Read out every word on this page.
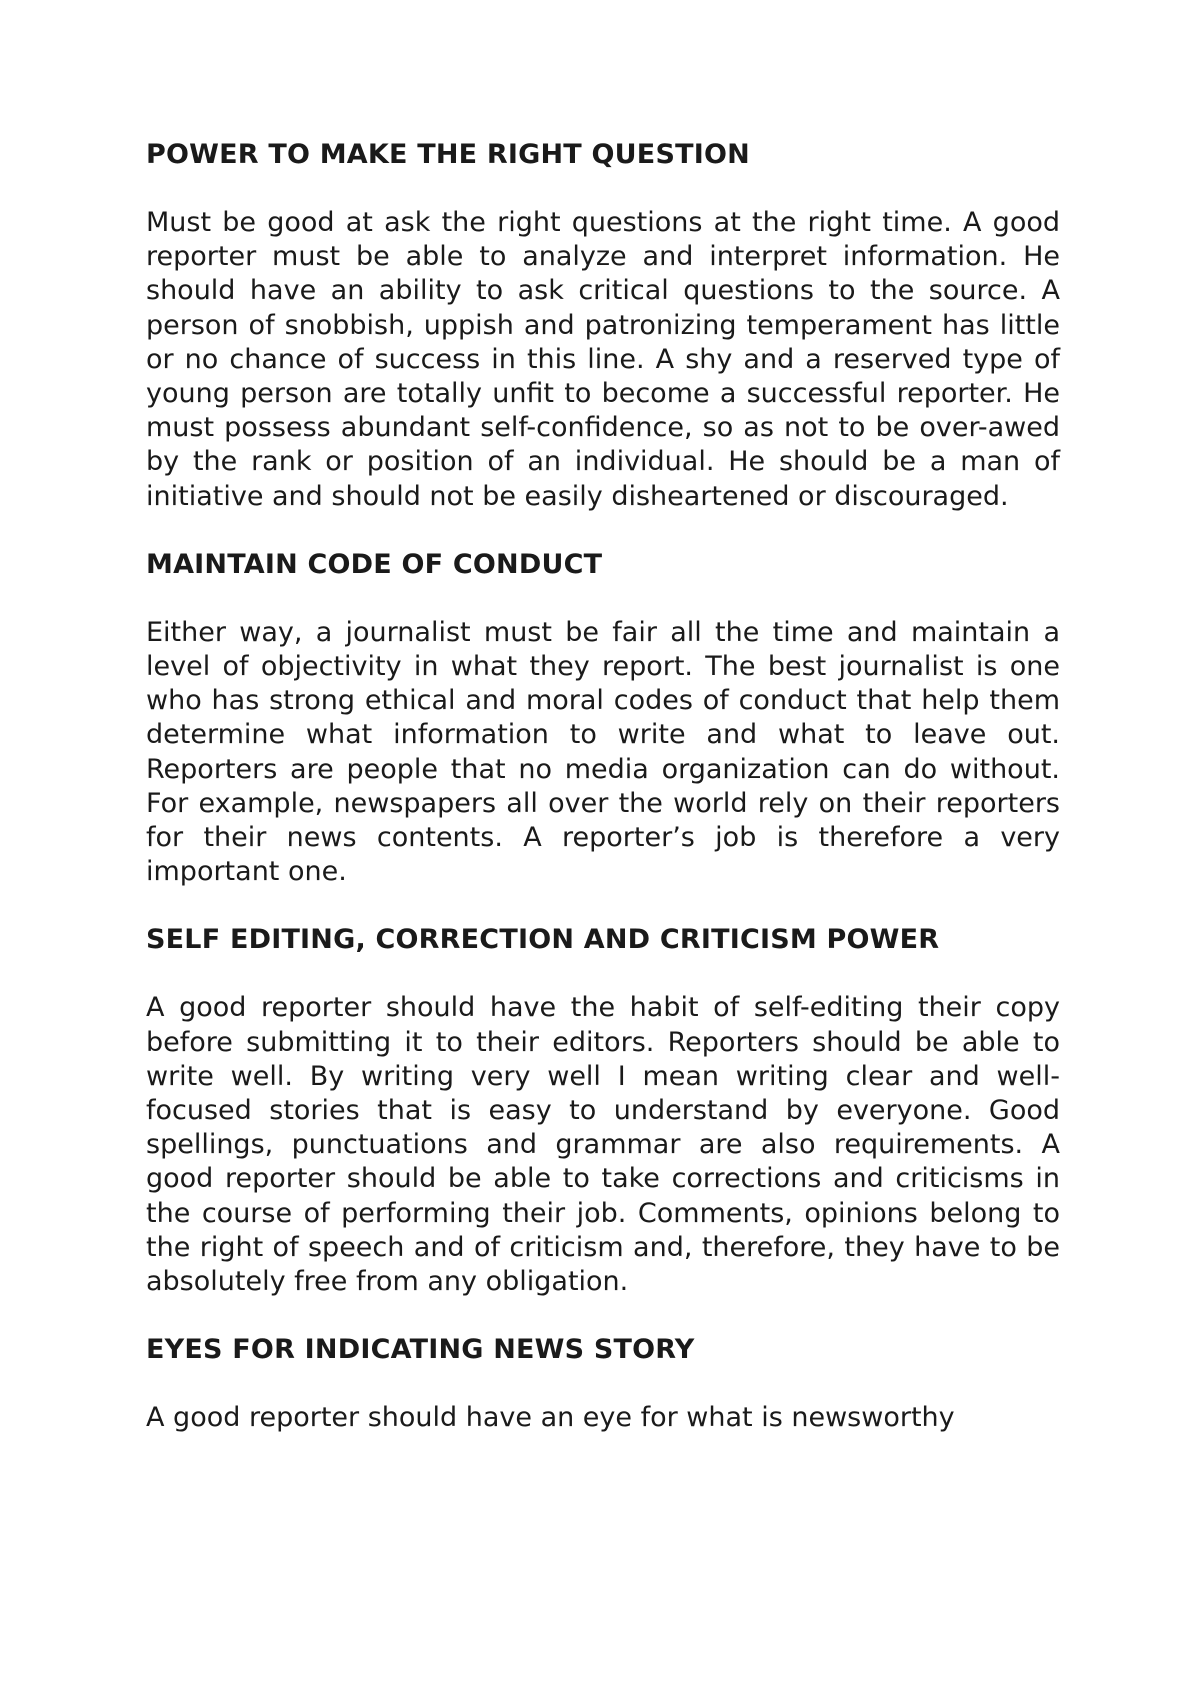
POWER TO MAKE THE RIGHT QUESTION
Must be good at ask the right questions at the right time. A good reporter must be able to analyze and interpret information. He should have an ability to ask critical questions to the source. A person of snobbish, uppish and patronizing temperament has little or no chance of success in this line. A shy and a reserved type of young person are totally unfit to become a successful reporter. He must possess abundant self-confidence, so as not to be over-awed by the rank or position of an individual. He should be a man of initiative and should not be easily disheartened or discouraged.
MAINTAIN CODE OF CONDUCT
Either way, a journalist must be fair all the time and maintain a level of objectivity in what they report. The best journalist is one who has strong ethical and moral codes of conduct that help them determine what information to write and what to leave out. Reporters are people that no media organization can do without. For example, newspapers all over the world rely on their reporters for their news contents. A reporter’s job is therefore a very important one.
SELF EDITING, CORRECTION AND CRITICISM POWER
A good reporter should have the habit of self-editing their copy before submitting it to their editors. Reporters should be able to write well. By writing very well I mean writing clear and well-focused stories that is easy to understand by everyone. Good spellings, punctuations and grammar are also requirements. A good reporter should be able to take corrections and criticisms in the course of performing their job. Comments, opinions belong to the right of speech and of criticism and, therefore, they have to be absolutely free from any obligation.
EYES FOR INDICATING NEWS STORY
A good reporter should have an eye for what is newsworthy
